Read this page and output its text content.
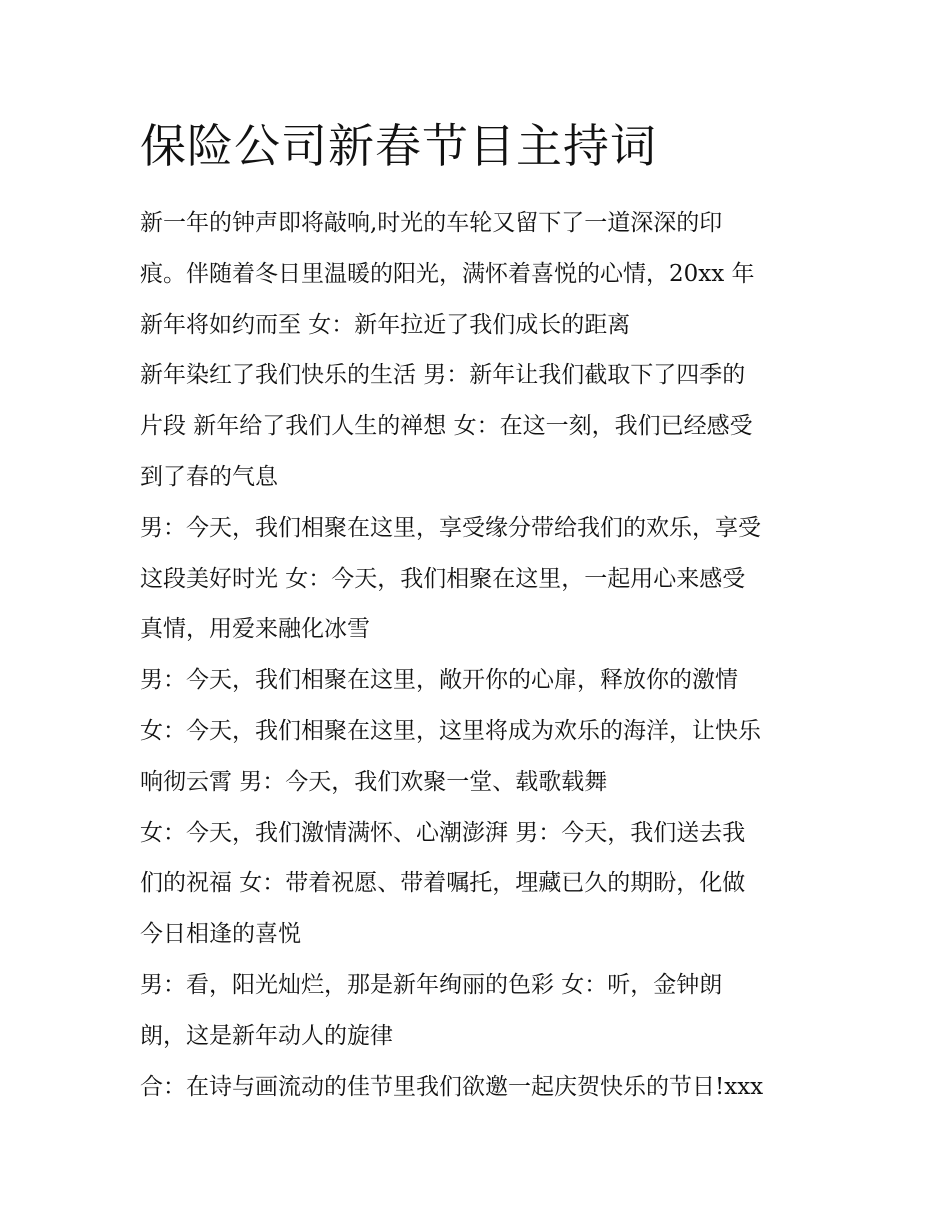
保险公司新春节目主持词
新一年的钟声即将敲响,时光的车轮又留下了一道深深的印
痕。伴随着冬日里温暖的阳光，满怀着喜悦的心情，20xx 年
新年将如约而至 女：新年拉近了我们成长的距离
新年染红了我们快乐的生活 男：新年让我们截取下了四季的
片段 新年给了我们人生的禅想 女：在这一刻，我们已经感受
到了春的气息
男：今天，我们相聚在这里，享受缘分带给我们的欢乐，享受
这段美好时光 女：今天，我们相聚在这里，一起用心来感受
真情，用爱来融化冰雪
男：今天，我们相聚在这里，敞开你的心扉，释放你的激情
女：今天，我们相聚在这里，这里将成为欢乐的海洋，让快乐
响彻云霄 男：今天，我们欢聚一堂、载歌载舞
女：今天，我们激情满怀、心潮澎湃 男：今天，我们送去我
们的祝福 女：带着祝愿、带着嘱托，埋藏已久的期盼，化做
今日相逢的喜悦
男：看，阳光灿烂，那是新年绚丽的色彩 女：听，金钟朗
朗，这是新年动人的旋律
合：在诗与画流动的佳节里我们欲邀一起庆贺快乐的节日!xxx
